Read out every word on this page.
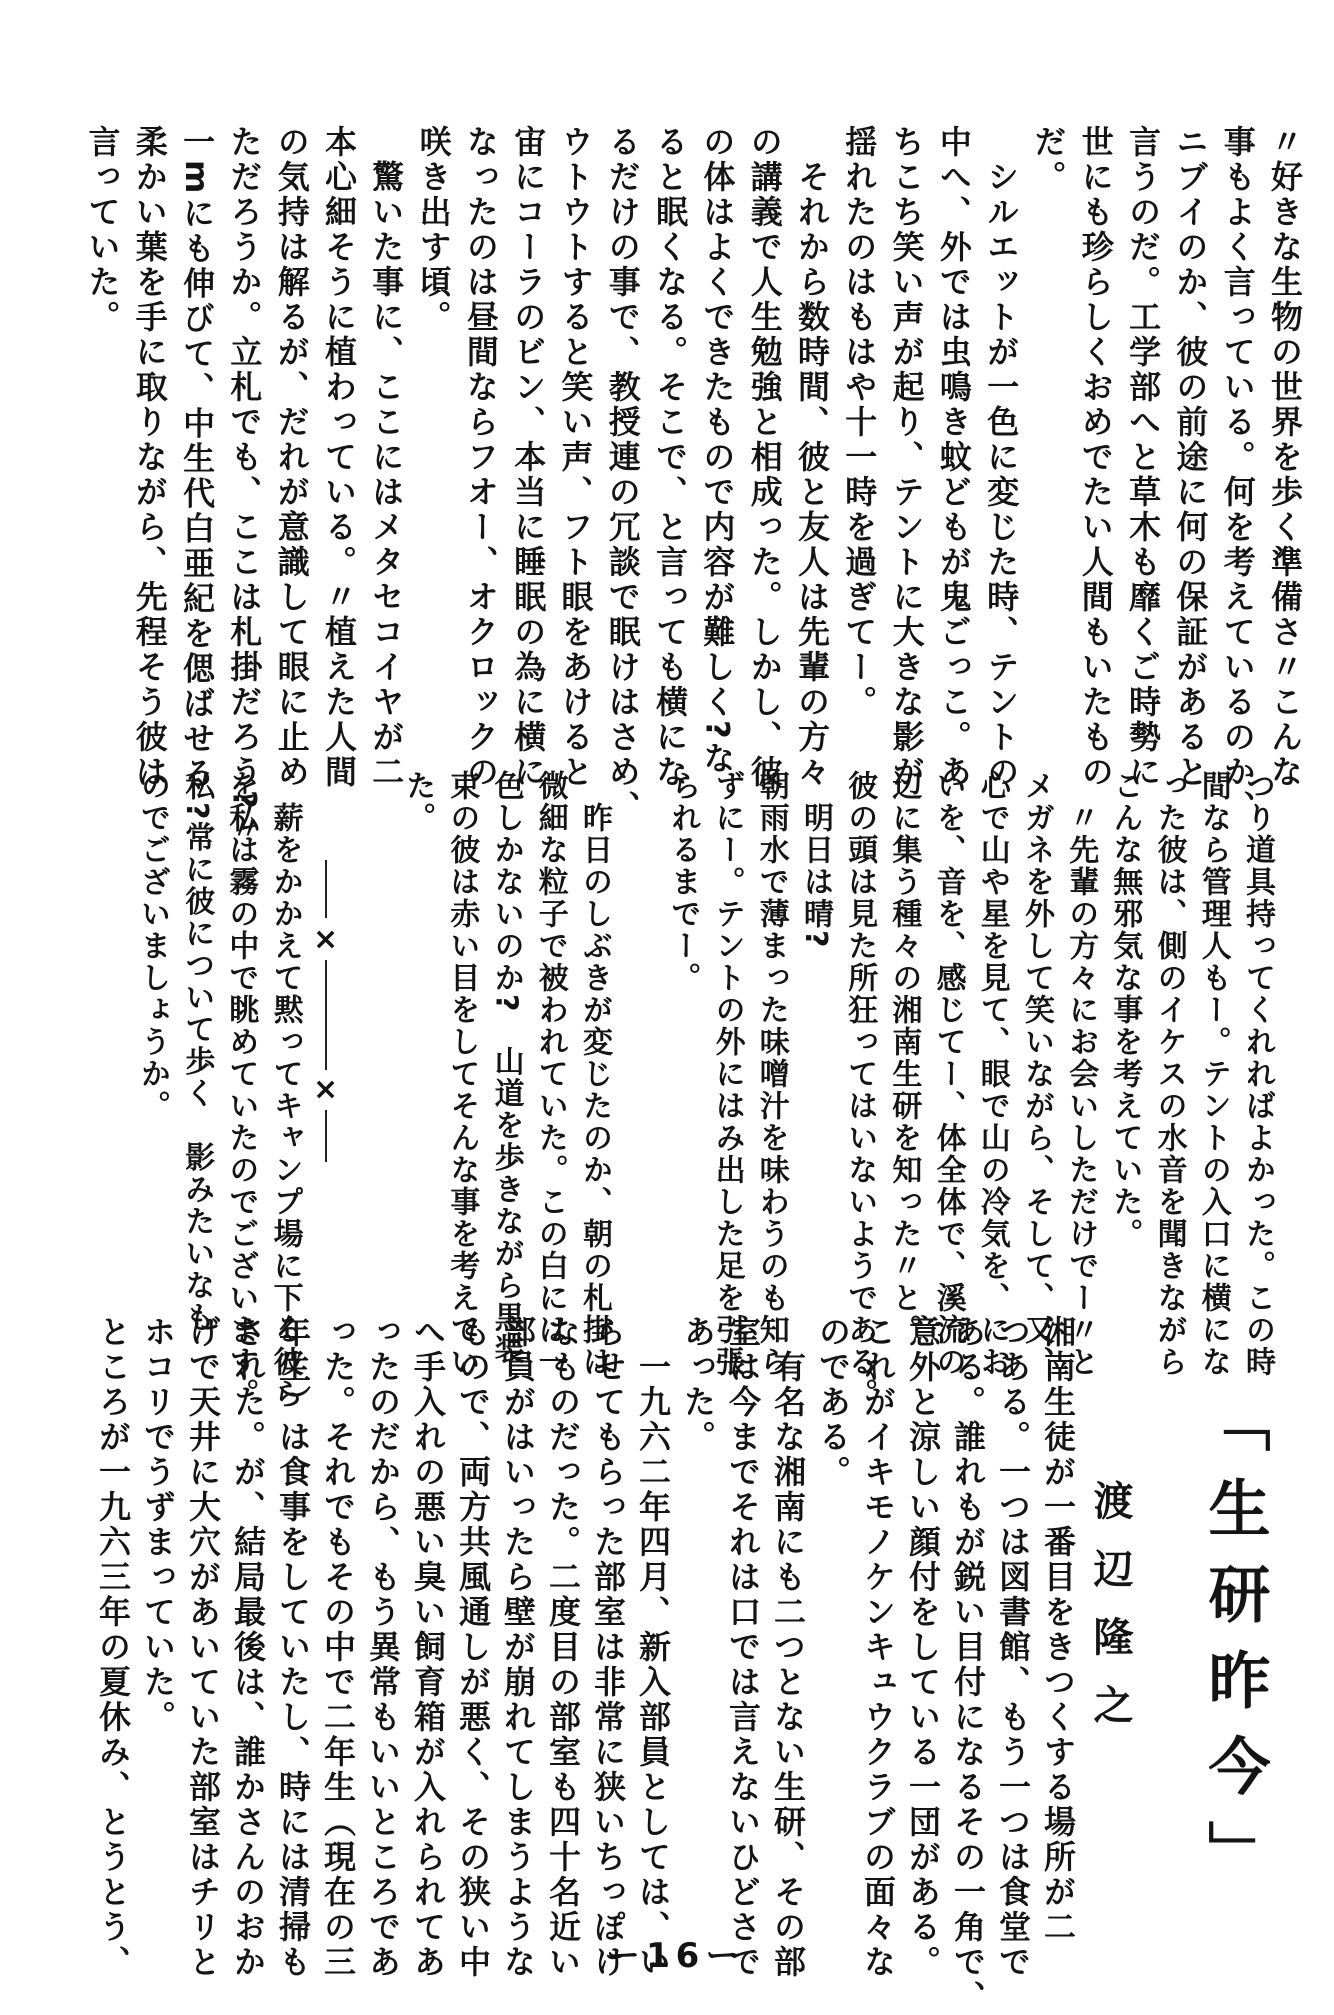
〃好きな生物の世界を歩く準備さ〃こんな
事もよく言っている。何を考えているのか、
ニブイのか、彼の前途に何の保証があると
言うのだ。工学部へと草木も靡くご時勢に
世にも珍らしくおめでたい人間もいたもの
だ。
　シルエットが一色に変じた時、テントの
中へ、外では虫鳴き蚊どもが鬼ごっこ。あ
ちこち笑い声が起り、テントに大きな影が
揺れたのはもはや十一時を過ぎてー。
　それから数時間、彼と友人は先輩の方々
の講義で人生勉強と相成った。しかし、彼
の体はよくできたもので内容が難しく?な
ると眠くなる。そこで、と言っても横にな
るだけの事で、教授連の冗談で眠けはさめ、
ウトウトすると笑い声、フト眼をあけると
宙にコーラのビン、本当に睡眠の為に横に
なったのは昼間ならフオー、オクロックの
咲き出す頃。
　驚いた事に、ここにはメタセコイヤが二
本心細そうに植わっている。〃植えた人間
の気持は解るが、だれが意識して眼に止め
ただろうか。立札でも、ここは札掛だろう?〃
一mにも伸びて、中生代白亜紀を偲ばせる
柔かい葉を手に取りながら、先程そう彼は
言っていた。
つり道具持ってくれればよかった。この時
間なら管理人もー。テントの入口に横にな
った彼は、側のイケスの水音を聞きながら
こんな無邪気な事を考えていた。
　〃先輩の方々にお会いしただけでー〃と
メガネを外して笑いながら、そして、又、
心で山や星を見て、眼で山の冷気を、にお
いを、音を、感じてー、体全体で、溪流の
辺に集う種々の湘南生研を知った〃と。
彼の頭は見た所狂ってはいないようである。
　明日は晴?
朝雨水で薄まった味噌汁を味わうのも知ら
ずにー。テントの外にはみ出した足を引張
られるまでー。
　昨日のしぶきが変じたのか、朝の札掛は
微細な粒子で被われていた。この白には一
色しかないのか?　山道を歩きながら黒装
束の彼は赤い目をしてそんな事を考えてい
た。
　薪をかかえて黙ってキャンプ場に下る彼ら
を私は霧の中で眺めていたのでございます。
私?常に彼について歩く　影みたいなも
のでございましょうか。	×
×
「生研昨今」
渡辺隆之
湘南生徒が一番目をきつくする場所が二
つある。一つは図書館、もう一つは食堂で
ある。誰れもが鋭い目付になるその一角で、
意外と涼しい顔付をしている一団がある。
これがイキモノケンキュウクラブの面々な
のである。
　有名な湘南にも二つとない生研、その部
室は今までそれは口では言えないひどさで
あった。
　一九六二年四月、新入部員としては、い
らせてもらった部室は非常に狭いちっぽけ
なものだった。二度目の部室も四十名近い
部員がはいったら壁が崩れてしまうような
もので、両方共風通しが悪く、その狭い中
へ手入れの悪い臭い飼育箱が入れられてあ
ったのだから、もう異常もいいところであ
った。それでもその中で二年生（現在の三
年生）は食事をしていたし、時には清掃も
された。が、結局最後は、誰かさんのおか
げで天井に大穴があいていた部室はチリと
ホコリでうずまっていた。
ところが一九六三年の夏休み、とうとう、	ー16ー
